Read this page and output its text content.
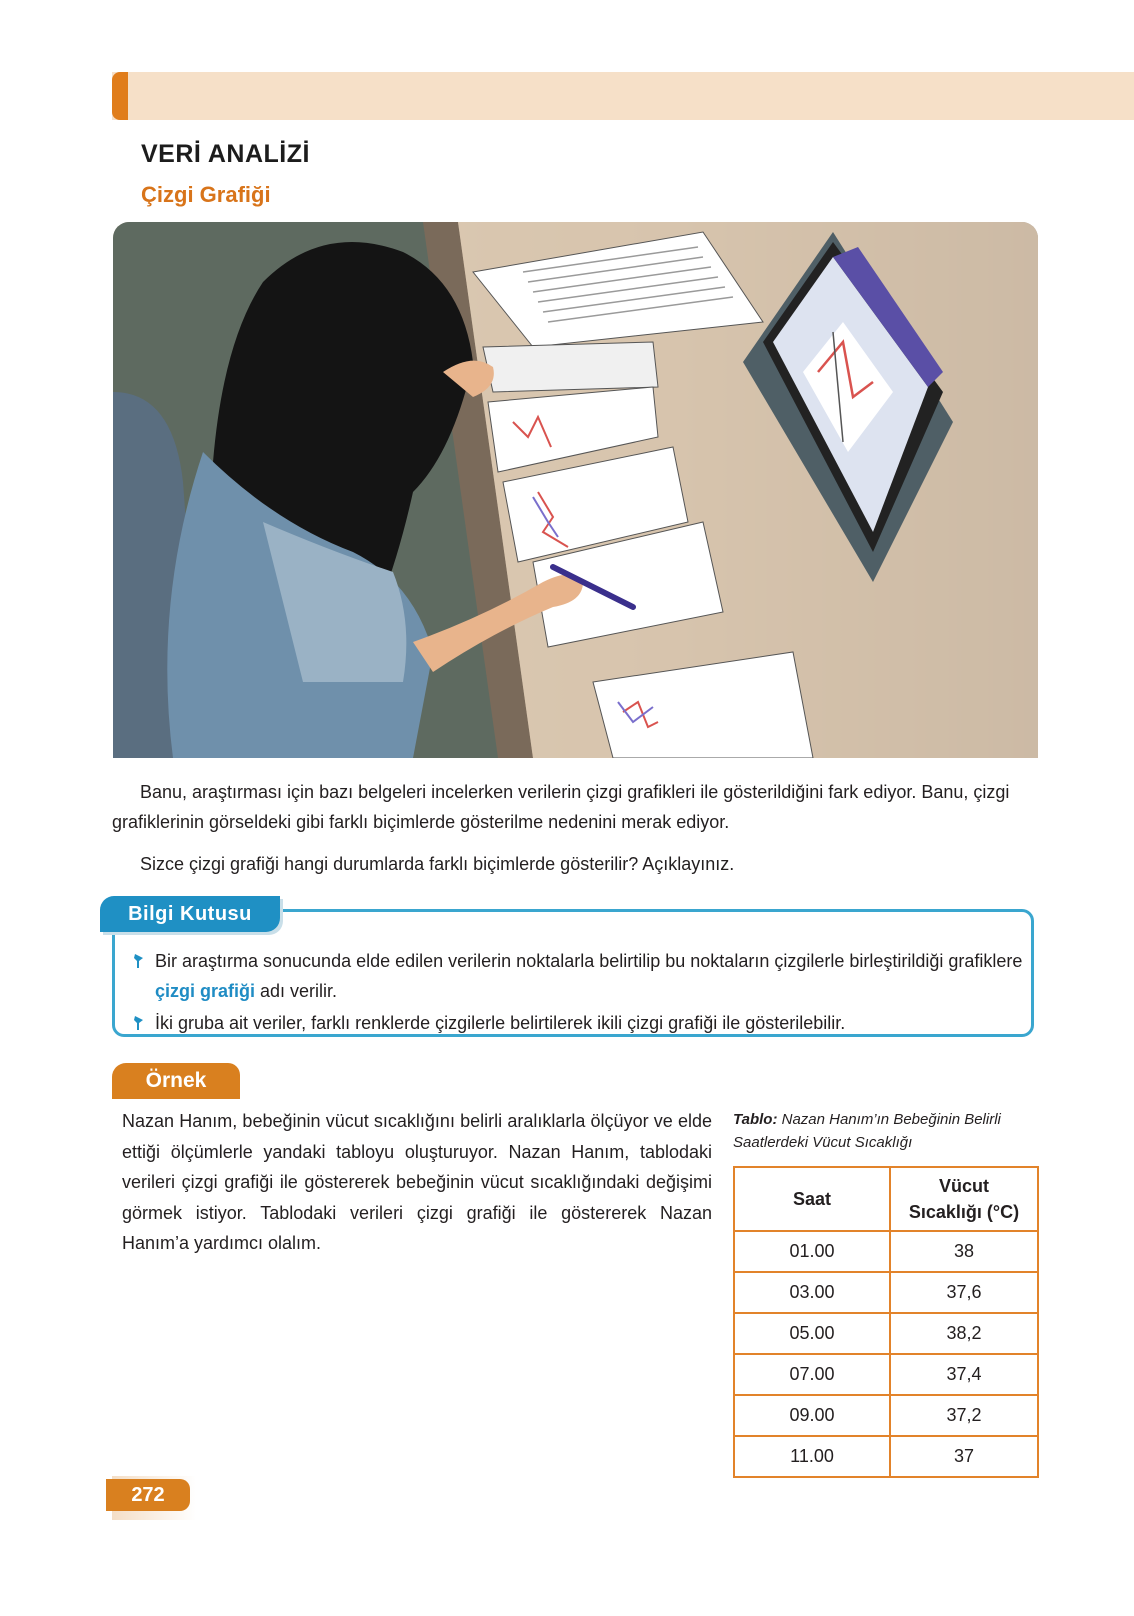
VERİ ANALİZİ
Çizgi Grafiği

Banu, araştırması için bazı belgeleri incelerken verilerin çizgi grafikleri ile gösterildiğini fark ediyor. Banu, çizgi grafiklerinin görseldeki gibi farklı biçimlerde gösterilme nedenini merak ediyor.

Sizce çizgi grafiği hangi durumlarda farklı biçimlerde gösterilir? Açıklayınız.

Bilgi Kutusu
Bir araştırma sonucunda elde edilen verilerin noktalarla belirtilip bu noktaların çizgilerle birleştirildiği grafiklere çizgi grafiği adı verilir.
İki gruba ait veriler, farklı renklerde çizgilerle belirtilerek ikili çizgi grafiği ile gösterilebilir.
Örnek

Nazan Hanım, bebeğinin vücut sıcaklığını belirli aralıklarla ölçüyor ve elde ettiği ölçümlerle yandaki tabloyu oluşturuyor. Nazan Hanım, tablodaki verileri çizgi grafiği ile göstererek bebeğinin vücut sıcaklığındaki değişimi görmek istiyor. Tablodaki verileri çizgi grafiği ile göstererek Nazan Hanım’a yardımcı olalım.

Tablo: Nazan Hanım’ın Bebeğinin Belirli Saatlerdeki Vücut Sıcaklığı
Saat	Vücut
Sıcaklığı (°C)
01.00	38
03.00	37,6
05.00	38,2
07.00	37,4
09.00	37,2
11.00	37
272
